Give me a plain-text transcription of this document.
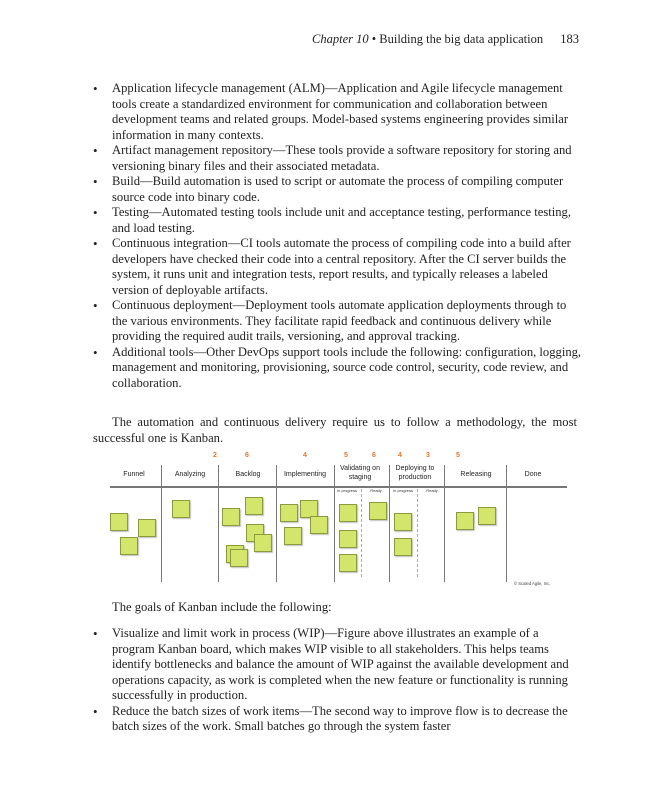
Chapter 10 • Building the big data application 183
• Application lifecycle management (ALM)—Application and Agile lifecycle management tools create a standardized environment for communication and collaboration between development teams and related groups. Model-based systems engineering provides similar information in many contexts.
• Artifact management repository—These tools provide a software repository for storing and versioning binary files and their associated metadata.
• Build—Build automation is used to script or automate the process of compiling computer source code into binary code.
• Testing—Automated testing tools include unit and acceptance testing, performance testing, and load testing.
• Continuous integration—CI tools automate the process of compiling code into a build after developers have checked their code into a central repository. After the CI server builds the system, it runs unit and integration tests, report results, and typically releases a labeled version of deployable artifacts.
• Continuous deployment—Deployment tools automate application deployments through to the various environments. They facilitate rapid feedback and continuous delivery while providing the required audit trails, versioning, and approval tracking.
• Additional tools—Other DevOps support tools include the following: configuration, logging, management and monitoring, provisioning, source code control, security, code review, and collaboration.

The automation and continuous delivery require us to follow a methodology, the most successful one is Kanban.

2	6	4	5	6	4	3	5
Funnel	Analyzing	Backlog	Implementing
Validating on staging
Deploying to production	Releasing	Done
In progress	Ready	In progress	Ready
© Scaled Agile, Inc.

The goals of Kanban include the following:

• Visualize and limit work in process (WIP)—Figure above illustrates an example of a program Kanban board, which makes WIP visible to all stakeholders. This helps teams identify bottlenecks and balance the amount of WIP against the available development and operations capacity, as work is completed when the new feature or functionality is running successfully in production.
• Reduce the batch sizes of work items—The second way to improve flow is to decrease the batch sizes of the work. Small batches go through the system faster
